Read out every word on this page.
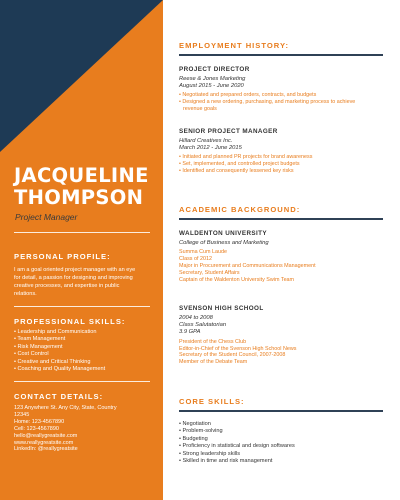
JACQUELINE
THOMPSON
Project Manager
PERSONAL PROFILE:
I am a goal oriented project manager with an eye for detail, a passion for designing and improving creative processes, and expertise in public relations.
PROFESSIONAL SKILLS:
• Leadership and Communication
• Team Management
• Risk Management
• Cost Control
• Creative and Critical Thinking
• Coaching and Quality Management
CONTACT DETAILS:
123 Anywhere St. Any City, State, Country
12345
Home: 123-4567890
Cell: 123-4567890
hello@reallygreatsite.com
www.reallygreatsite.com
LinkedIn: @reallygreatsite
EMPLOYMENT HISTORY:
PROJECT DIRECTOR
Reese & Jones Marketing
August 2015 - June 2020
• Negotiated and prepared orders, contracts, and budgets
• Designed a new ordering, purchasing, and marketing process to achieve
revenue goals
SENIOR PROJECT MANAGER
Hillard Creatives Inc.
March 2012 - June 2015
• Initiated and planned PR projects for brand awareness
• Set, implemented, and controlled project budgets
• Identified and consequently lessened key risks
ACADEMIC BACKGROUND:
WALDENTON UNIVERSITY
College of Business and Marketing
Summa Cum Laude
Class of 2012
Major in Procurement and Communications Management
Secretary, Student Affairs
Captain of the Waldenton University Swim Team
SVENSON HIGH SCHOOL
2004 to 2008
Class Salutatorian
3.9 GPA
President of the Chess Club
Editor-in-Chief of the Svenson High School News
Secretary of the Student Council, 2007-2008
Member of the Debate Team
CORE SKILLS:
• Negotiation
• Problem-solving
• Budgeting
• Proficiency in statistical and design softwares
• Strong leadership skills
• Skilled in time and risk management
